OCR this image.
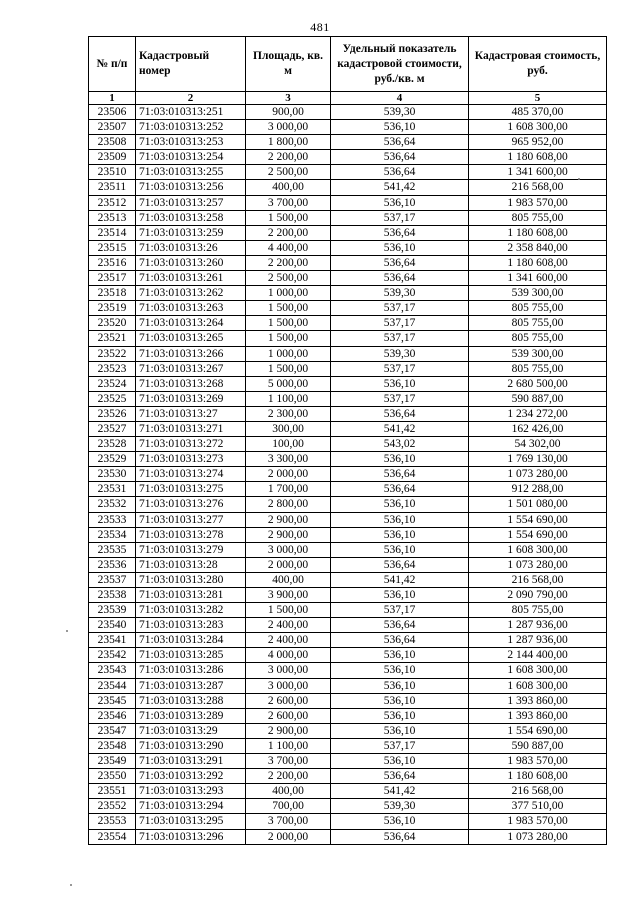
481
№ п/п	Кадастровый номер	Площадь, кв. м	Удельный показатель кадастровой стоимости, руб./кв. м	Кадастровая стоимость, руб.
1	2	3	4	5
23506	71:03:010313:251	900,00	539,30	485 370,00
23507	71:03:010313:252	3 000,00	536,10	1 608 300,00
23508	71:03:010313:253	1 800,00	536,64	965 952,00
23509	71:03:010313:254	2 200,00	536,64	1 180 608,00
23510	71:03:010313:255	2 500,00	536,64	1 341 600,00
23511	71:03:010313:256	400,00	541,42	216 568,00
23512	71:03:010313:257	3 700,00	536,10	1 983 570,00
23513	71:03:010313:258	1 500,00	537,17	805 755,00
23514	71:03:010313:259	2 200,00	536,64	1 180 608,00
23515	71:03:010313:26	4 400,00	536,10	2 358 840,00
23516	71:03:010313:260	2 200,00	536,64	1 180 608,00
23517	71:03:010313:261	2 500,00	536,64	1 341 600,00
23518	71:03:010313:262	1 000,00	539,30	539 300,00
23519	71:03:010313:263	1 500,00	537,17	805 755,00
23520	71:03:010313:264	1 500,00	537,17	805 755,00
23521	71:03:010313:265	1 500,00	537,17	805 755,00
23522	71:03:010313:266	1 000,00	539,30	539 300,00
23523	71:03:010313:267	1 500,00	537,17	805 755,00
23524	71:03:010313:268	5 000,00	536,10	2 680 500,00
23525	71:03:010313:269	1 100,00	537,17	590 887,00
23526	71:03:010313:27	2 300,00	536,64	1 234 272,00
23527	71:03:010313:271	300,00	541,42	162 426,00
23528	71:03:010313:272	100,00	543,02	54 302,00
23529	71:03:010313:273	3 300,00	536,10	1 769 130,00
23530	71:03:010313:274	2 000,00	536,64	1 073 280,00
23531	71:03:010313:275	1 700,00	536,64	912 288,00
23532	71:03:010313:276	2 800,00	536,10	1 501 080,00
23533	71:03:010313:277	2 900,00	536,10	1 554 690,00
23534	71:03:010313:278	2 900,00	536,10	1 554 690,00
23535	71:03:010313:279	3 000,00	536,10	1 608 300,00
23536	71:03:010313:28	2 000,00	536,64	1 073 280,00
23537	71:03:010313:280	400,00	541,42	216 568,00
23538	71:03:010313:281	3 900,00	536,10	2 090 790,00
23539	71:03:010313:282	1 500,00	537,17	805 755,00
23540	71:03:010313:283	2 400,00	536,64	1 287 936,00
23541	71:03:010313:284	2 400,00	536,64	1 287 936,00
23542	71:03:010313:285	4 000,00	536,10	2 144 400,00
23543	71:03:010313:286	3 000,00	536,10	1 608 300,00
23544	71:03:010313:287	3 000,00	536,10	1 608 300,00
23545	71:03:010313:288	2 600,00	536,10	1 393 860,00
23546	71:03:010313:289	2 600,00	536,10	1 393 860,00
23547	71:03:010313:29	2 900,00	536,10	1 554 690,00
23548	71:03:010313:290	1 100,00	537,17	590 887,00
23549	71:03:010313:291	3 700,00	536,10	1 983 570,00
23550	71:03:010313:292	2 200,00	536,64	1 180 608,00
23551	71:03:010313:293	400,00	541,42	216 568,00
23552	71:03:010313:294	700,00	539,30	377 510,00
23553	71:03:010313:295	3 700,00	536,10	1 983 570,00
23554	71:03:010313:296	2 000,00	536,64	1 073 280,00
